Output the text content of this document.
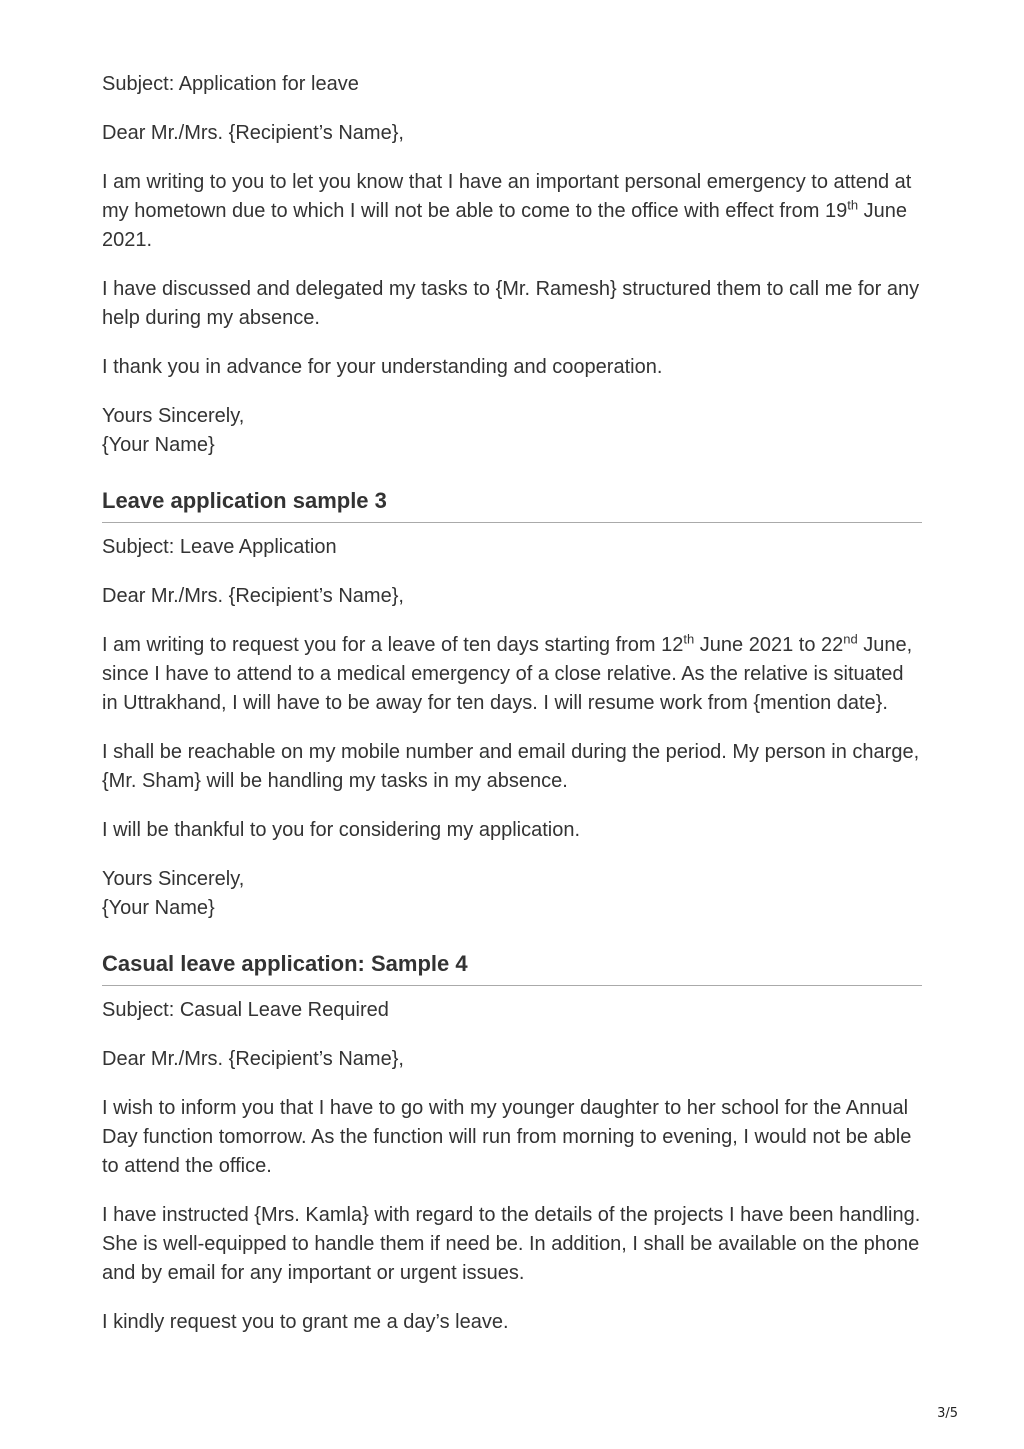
Subject: Application for leave

Dear Mr./Mrs. {Recipient’s Name},

I am writing to you to let you know that I have an important personal emergency to attend at my hometown due to which I will not be able to come to the office with effect from 19th June 2021.

I have discussed and delegated my tasks to {Mr. Ramesh} structured them to call me for any help during my absence.

I thank you in advance for your understanding and cooperation.

Yours Sincerely,
{Your Name}

Leave application sample 3

Subject: Leave Application

Dear Mr./Mrs. {Recipient’s Name},

I am writing to request you for a leave of ten days starting from 12th June 2021 to 22nd June, since I have to attend to a medical emergency of a close relative. As the relative is situated in Uttrakhand, I will have to be away for ten days. I will resume work from {mention date}.

I shall be reachable on my mobile number and email during the period. My person in charge, {Mr. Sham} will be handling my tasks in my absence.

I will be thankful to you for considering my application.

Yours Sincerely,
{Your Name}

Casual leave application: Sample 4

Subject: Casual Leave Required

Dear Mr./Mrs. {Recipient’s Name},

I wish to inform you that I have to go with my younger daughter to her school for the Annual Day function tomorrow. As the function will run from morning to evening, I would not be able to attend the office.

I have instructed {Mrs. Kamla} with regard to the details of the projects I have been handling. She is well-equipped to handle them if need be. In addition, I shall be available on the phone and by email for any important or urgent issues.

I kindly request you to grant me a day’s leave.

3/5
